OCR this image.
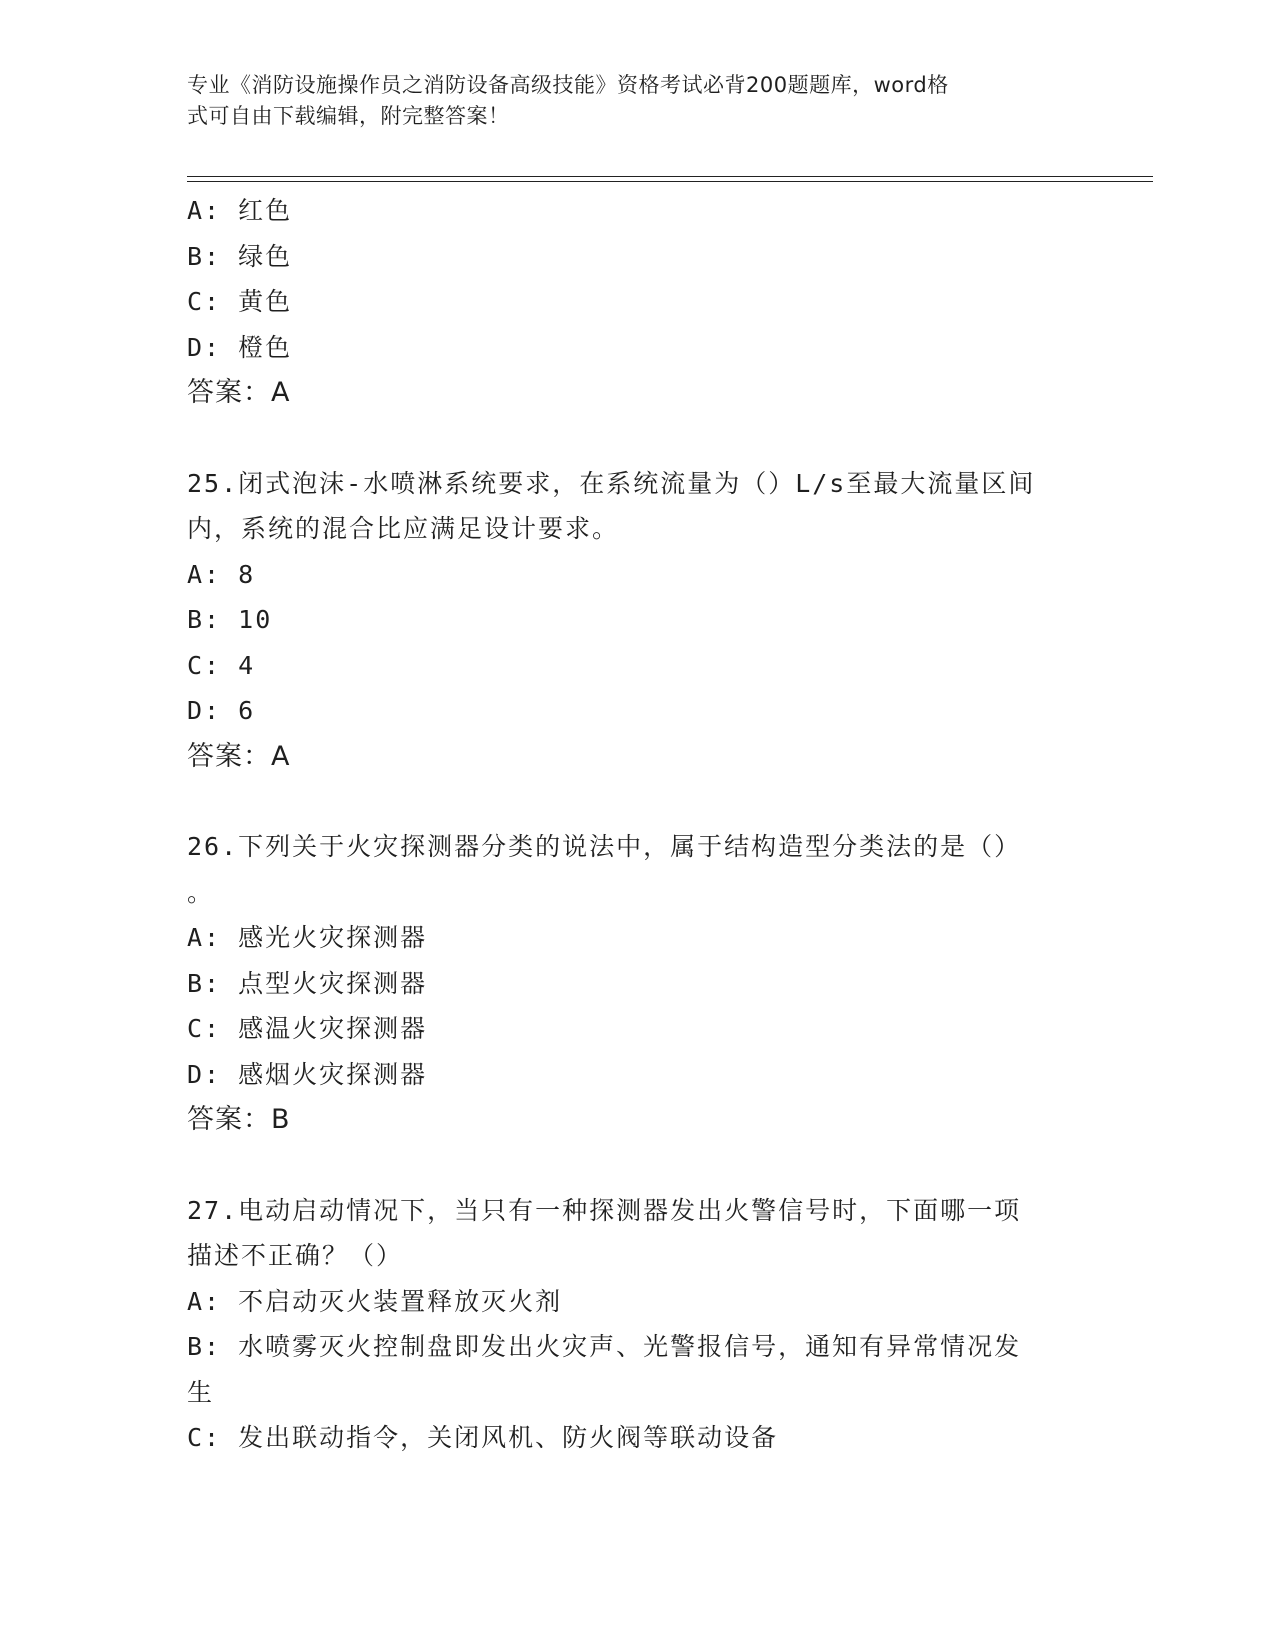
专业《消防设施操作员之消防设备高级技能》资格考试必背200题题库，word格
式可自由下载编辑，附完整答案！
A: 红色
B: 绿色
C: 黄色
D: 橙色
答案：A
25.闭式泡沫-水喷淋系统要求，在系统流量为（）L/s至最大流量区间
内，系统的混合比应满足设计要求。
A: 8
B: 10
C: 4
D: 6
答案：A
26.下列关于火灾探测器分类的说法中，属于结构造型分类法的是（）
。
A: 感光火灾探测器
B: 点型火灾探测器
C: 感温火灾探测器
D: 感烟火灾探测器
答案：B
27.电动启动情况下，当只有一种探测器发出火警信号时，下面哪一项
描述不正确？（）
A: 不启动灭火装置释放灭火剂
B: 水喷雾灭火控制盘即发出火灾声、光警报信号，通知有异常情况发
生
C: 发出联动指令，关闭风机、防火阀等联动设备
